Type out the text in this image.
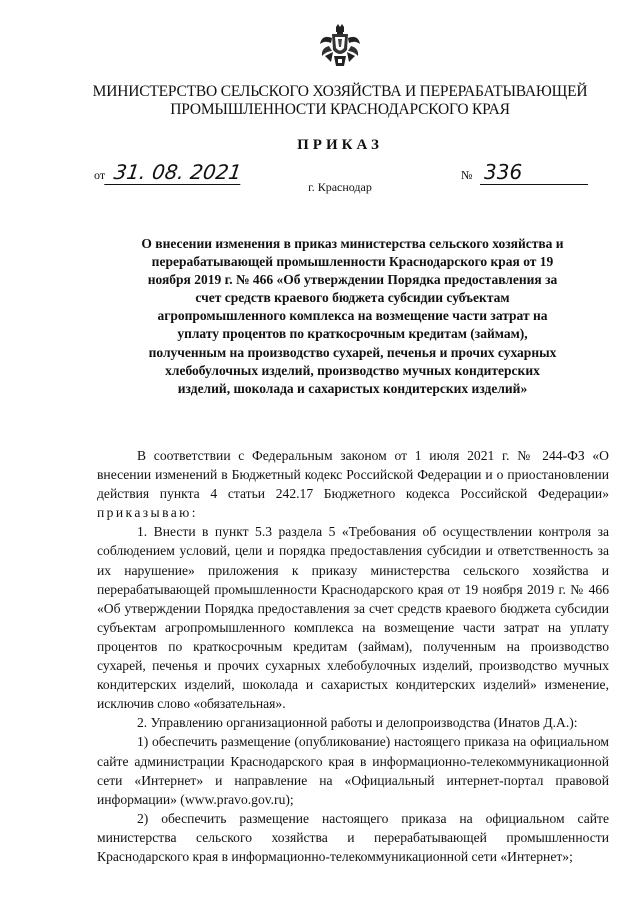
МИНИСТЕРСТВО СЕЛЬСКОГО ХОЗЯЙСТВА И ПЕРЕРАБАТЫВАЮЩЕЙ
ПРОМЫШЛЕННОСТИ КРАСНОДАРСКОГО КРАЯ
ПРИКАЗ
от 31. 08. 2021	№ 336
г. Краснодар
О внесении изменения в приказ министерства сельского хозяйства и перерабатывающей промышленности Краснодарского края от 19 ноября 2019 г. № 466 «Об утверждении Порядка предоставления за счет средств краевого бюджета субсидии субъектам агропромышленного комплекса на возмещение части затрат на уплату процентов по краткосрочным кредитам (займам), полученным на производство сухарей, печенья и прочих сухарных хлебобулочных изделий, производство мучных кондитерских изделий, шоколада и сахаристых кондитерских изделий»

В соответствии с Федеральным законом от 1 июля 2021 г. № 244-ФЗ «О внесении изменений в Бюджетный кодекс Российской Федерации и о приостановлении действия пункта 4 статьи 242.17 Бюджетного кодекса Российской Федерации» приказываю:

1. Внести в пункт 5.3 раздела 5 «Требования об осуществлении контроля за соблюдением условий, цели и порядка предоставления субсидии и ответственность за их нарушение» приложения к приказу министерства сельского хозяйства и перерабатывающей промышленности Краснодарского края от 19 ноября 2019 г. № 466 «Об утверждении Порядка предоставления за счет средств краевого бюджета субсидии субъектам агропромышленного комплекса на возмещение части затрат на уплату процентов по краткосрочным кредитам (займам), полученным на производство сухарей, печенья и прочих сухарных хлебобулочных изделий, производство мучных кондитерских изделий, шоколада и сахаристых кондитерских изделий» изменение, исключив слово «обязательная».

2. Управлению организационной работы и делопроизводства (Инатов Д.А.):

1) обеспечить размещение (опубликование) настоящего приказа на официальном сайте администрации Краснодарского края в информационно-телекоммуникационной сети «Интернет» и направление на «Официальный интернет-портал правовой информации» (www.pravo.gov.ru);

2) обеспечить размещение настоящего приказа на официальном сайте министерства сельского хозяйства и перерабатывающей промышленности Краснодарского края в информационно-телекоммуникационной сети «Интернет»;
